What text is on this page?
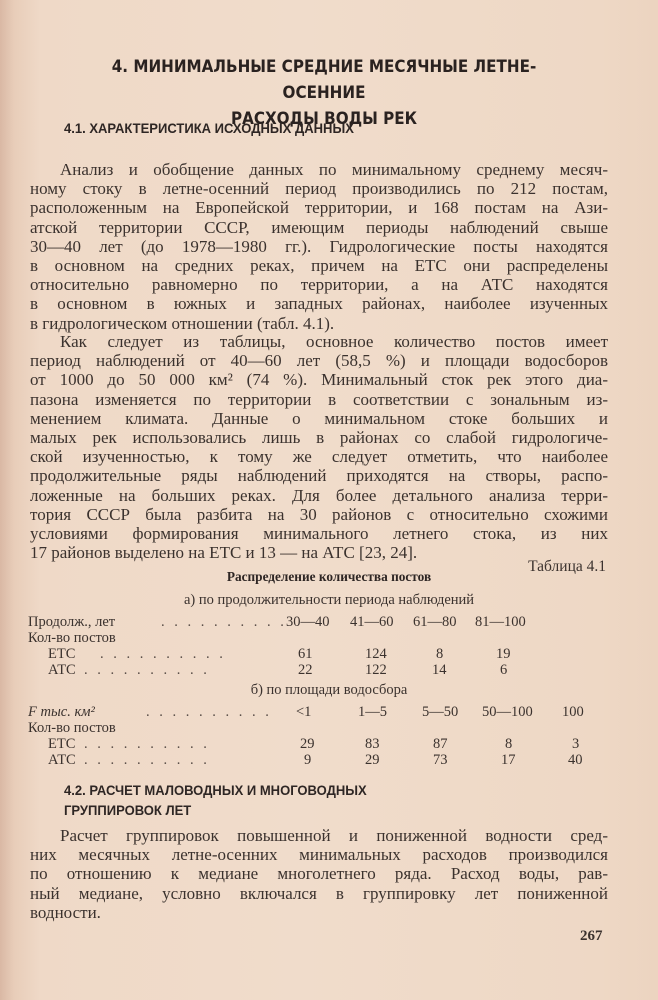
4. МИНИМАЛЬНЫЕ СРЕДНИЕ МЕСЯЧНЫЕ ЛЕТНЕ-ОСЕННИЕ
РАСХОДЫ ВОДЫ РЕК
4.1. ХАРАКТЕРИСТИКА ИСХОДНЫХ ДАННЫХ
Анализ и обобщение данных по минимальному среднему месяч-
ному стоку в летне-осенний период производились по 212 постам,
расположенным на Европейской территории, и 168 постам на Ази-
атской территории СССР, имеющим периоды наблюдений свыше
30—40 лет (до 1978—1980 гг.). Гидрологические посты находятся
в основном на средних реках, причем на ЕТС они распределены
относительно равномерно по территории, а на АТС находятся
в основном в южных и западных районах, наиболее изученных
в гидрологическом отношении (табл. 4.1).
Как следует из таблицы, основное количество постов имеет
период наблюдений от 40—60 лет (58,5 %) и площади водосборов
от 1000 до 50 000 км² (74 %). Минимальный сток рек этого диа-
пазона изменяется по территории в соответствии с зональным из-
менением климата. Данные о минимальном стоке больших и
малых рек использовались лишь в районах со слабой гидрологиче-
ской изученностью, к тому же следует отметить, что наиболее
продолжительные ряды наблюдений приходятся на створы, распо-
ложенные на больших реках. Для более детального анализа терри-
тория СССР была разбита на 30 районов с относительно схожими
условиями формирования минимального летнего стока, из них
17 районов выделено на ЕТС и 13 — на АТС [23, 24].
Таблица 4.1
Распределение количества постов
а) по продолжительности периода наблюдений
Продолж., лет	. . . . . . . . . . 30—40 41—60 61—80 81—100
Кол-во постов
ЕТС . . . . . . . . . .	61	124	8	19
АТС . . . . . . . . . .	22	122	14	6
б) по площади водосбора
F тыс. км²	. . . . . . . . . . <1	1—5 5—50 50—100 100
Кол-во постов
ЕТС . . . . . . . . . .	29	83	87	8	3
АТС . . . . . . . . . .	9	29	73	17	40
4.2. РАСЧЕТ МАЛОВОДНЫХ И МНОГОВОДНЫХ
ГРУППИРОВОК ЛЕТ
Расчет группировок повышенной и пониженной водности сред-
них месячных летне-осенних минимальных расходов производился
по отношению к медиане многолетнего ряда. Расход воды, рав-
ный медиане, условно включался в группировку лет пониженной
водности.
267
